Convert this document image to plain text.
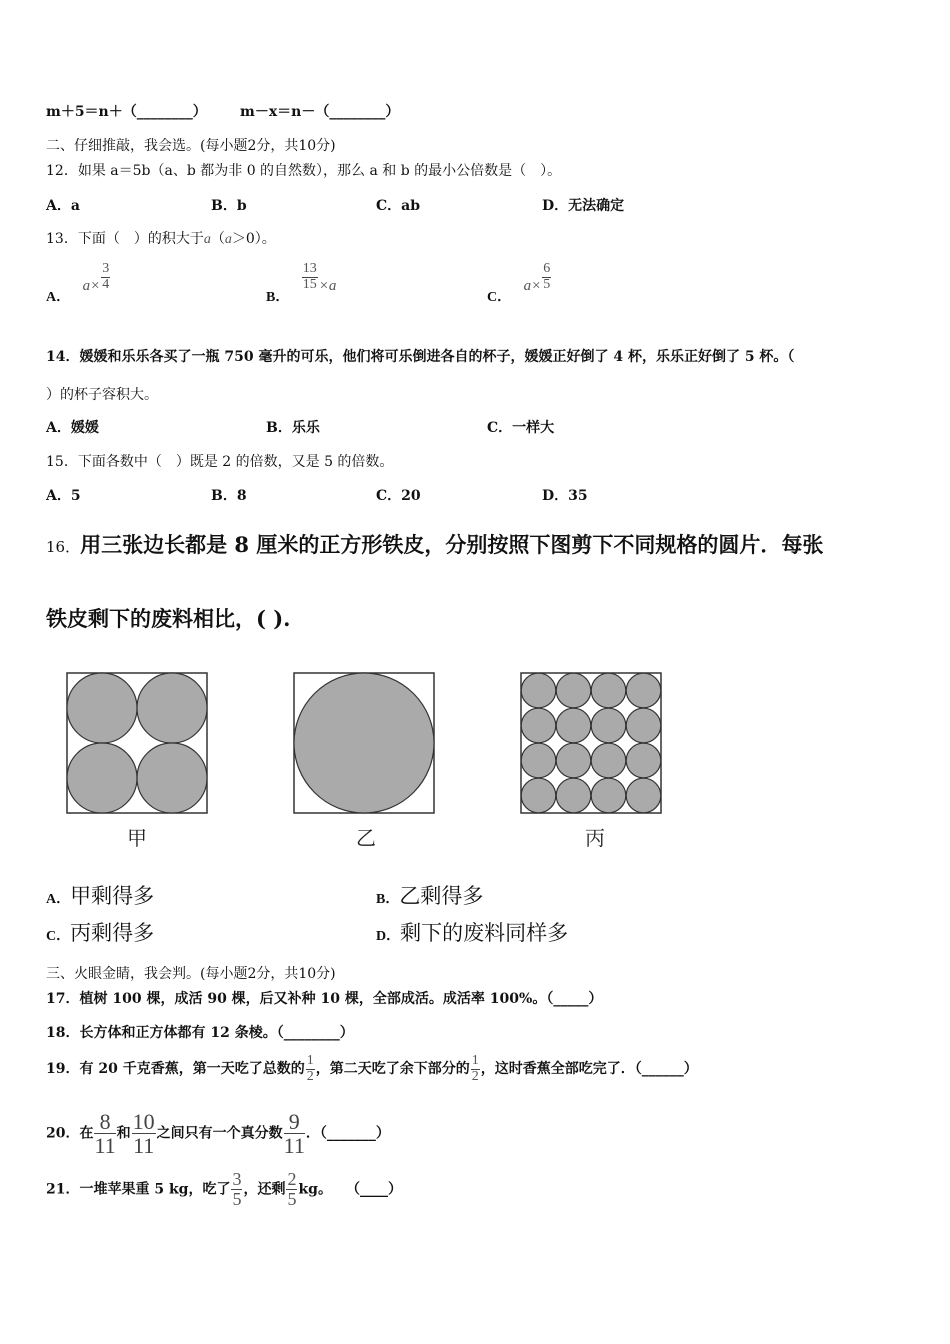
m＋5＝n＋（________） m－x＝n－（________）
二、仔细推敲，我会选。(每小题2分，共10分)
12．如果 a＝5b（a、b 都为非 0 的自然数），那么 a 和 b 的最小公倍数是（　）。
A．a	B．b	C．ab	D．无法确定
13．下面（　）的积大于a（a＞0）。
A． $a\times \frac{3}{4}$
B．
$\frac{13}{15} \times a$
C． $a\times \frac{6}{5}$
14．媛媛和乐乐各买了一瓶 750 毫升的可乐，他们将可乐倒进各自的杯子，媛媛正好倒了 4 杯，乐乐正好倒了 5 杯。（
）的杯子容积大。
A．媛媛	B．乐乐	C．一样大
15．下面各数中（　）既是 2 的倍数，又是 5 的倍数。
A．5	B．8	C．20	D．35
16．用三张边长都是 8 厘米的正方形铁皮，分别按照下图剪下不同规格的圆片．每张
铁皮剩下的废料相比，( ).
甲	乙	丙
A．甲剩得多	B．乙剩得多
C．丙剩得多	D．剩下的废料同样多
三、火眼金睛，我会判。(每小题2分，共10分)
17．植树 100 棵，成活 90 棵，后又补种 10 棵，全部成活。成活率 100%。（_____）
18．长方体和正方体都有 12 条棱。（________）
19．有 20 千克香蕉，第一天吃了总数的 $\frac{1}{2}$ ，第二天吃了余下部分的 $\frac{1}{2}$ ，这时香蕉全部吃完了．（______）
20．在 $\frac{8}{11}$ 和 $\frac{10}{11}$ 之间只有一个真分数 $\frac{9}{11}$ ．（_______）
21．一堆苹果重 5 kg，吃了 $\frac{3}{5}$ ，还剩 $\frac{2}{5}$ kg。　　（____）
